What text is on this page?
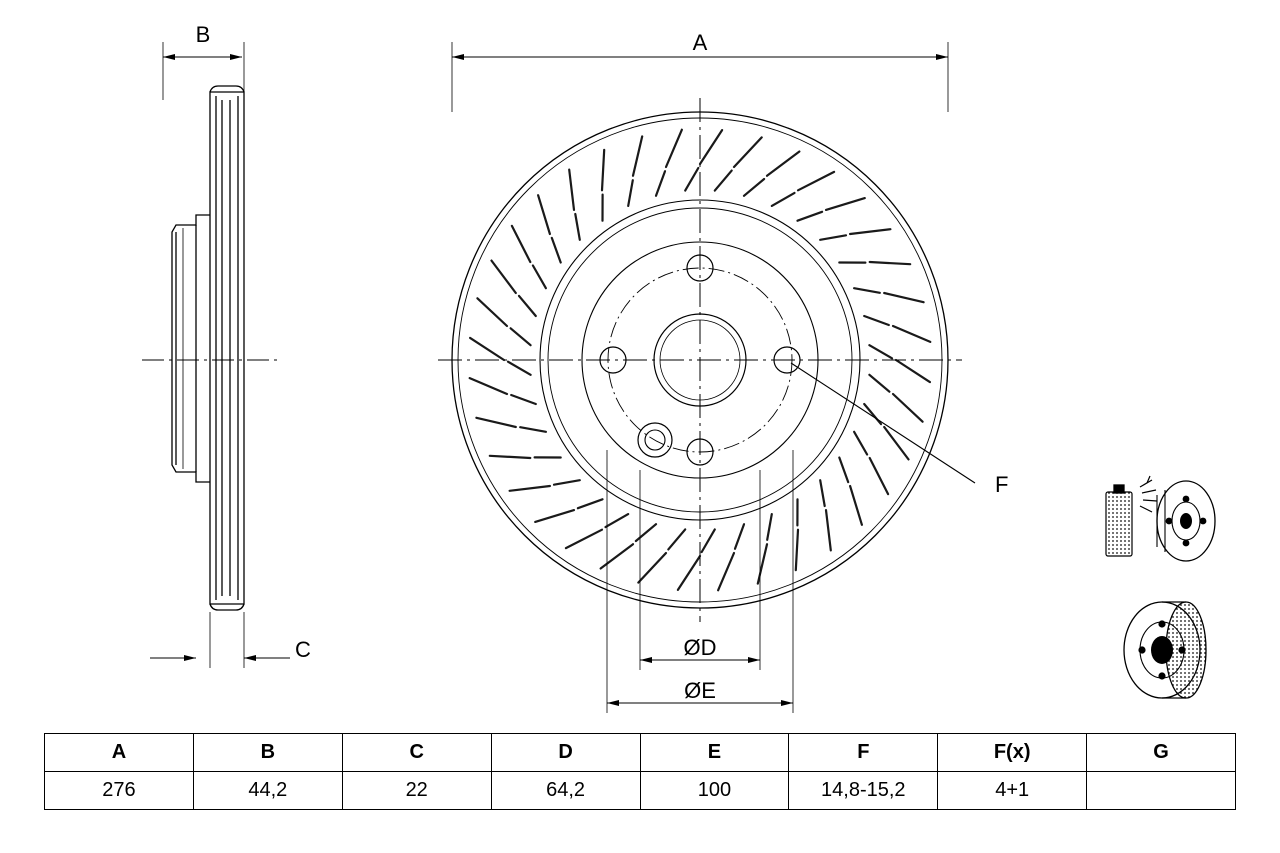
B	A
C	ØD
ØE
F
A	B	C	D	E	F	F(x)	G
276	44,2	22	64,2	100	14,8-15,2	4+1	
